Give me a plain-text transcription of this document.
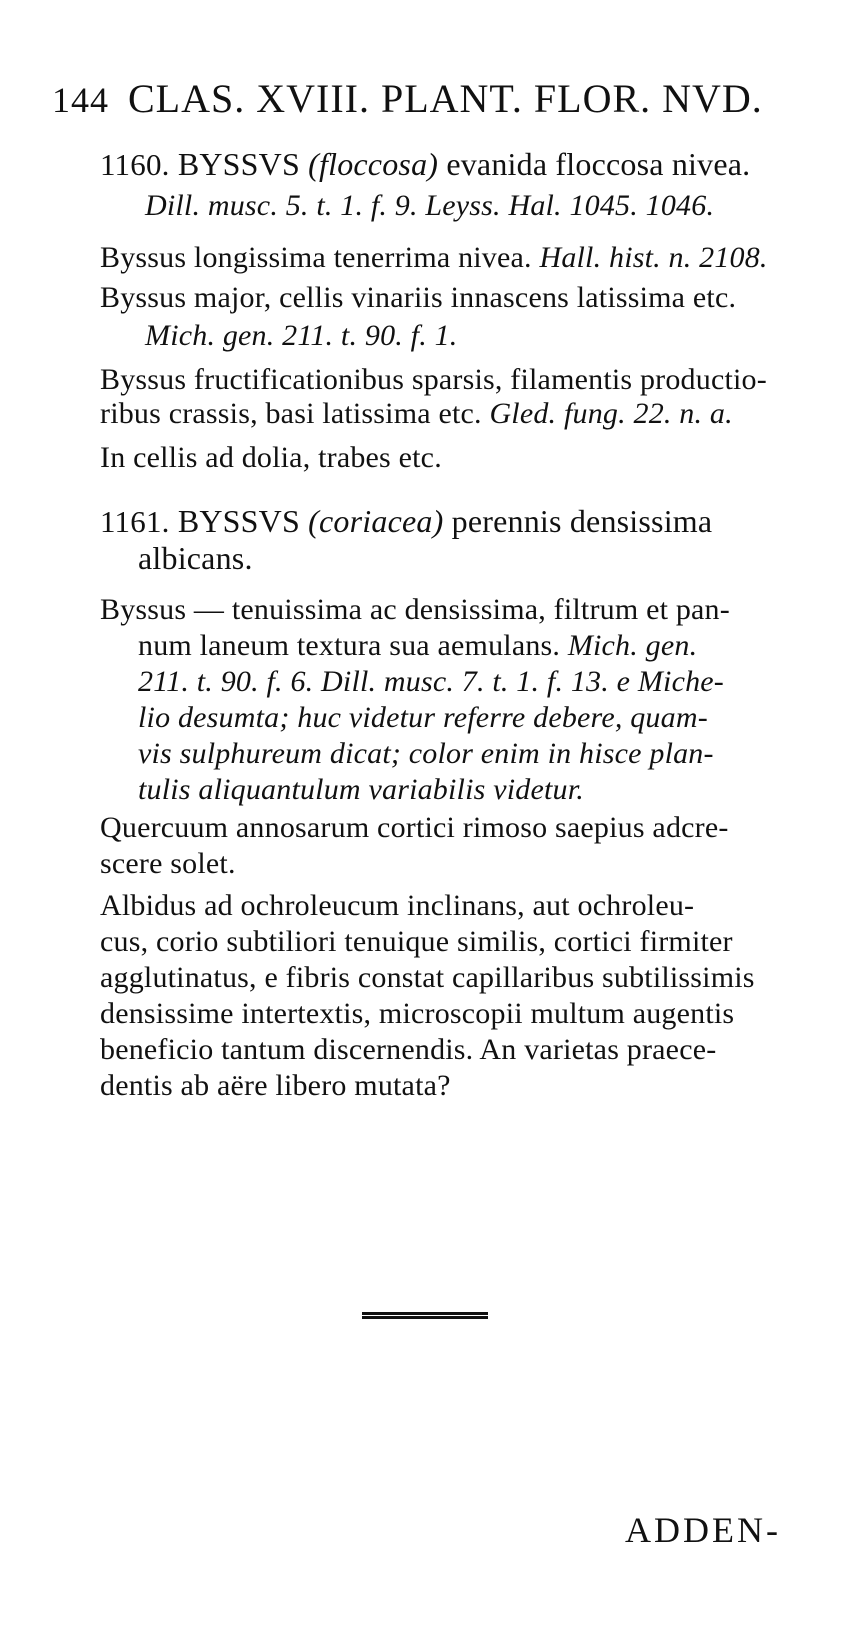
144 CLAS. XVIII. PLANT. FLOR. NVD.
1160. BYSSVS (floccosa) evanida floccosa nivea.
Dill. musc. 5. t. 1. f. 9. Leyss. Hal. 1045. 1046.
Byssus longissima tenerrima nivea. Hall. hist. n. 2108.
Byssus major, cellis vinariis innascens latissima etc.
Mich. gen. 211. t. 90. f. 1.
Byssus fructificationibus sparsis, filamentis productio-
ribus crassis, basi latissima etc. Gled. fung. 22. n. a.
In cellis ad dolia, trabes etc.
1161. BYSSVS (coriacea) perennis densissima
albicans.
Byssus — tenuissima ac densissima, filtrum et pan-
num laneum textura sua aemulans. Mich. gen.
211. t. 90. f. 6. Dill. musc. 7. t. 1. f. 13. e Miche-
lio desumta; huc videtur referre debere, quam-
vis sulphureum dicat; color enim in hisce plan-
tulis aliquantulum variabilis videtur.
Quercuum annosarum cortici rimoso saepius adcre-
scere solet.
Albidus ad ochroleucum inclinans, aut ochroleu-
cus, corio subtiliori tenuique similis, cortici firmiter
agglutinatus, e fibris constat capillaribus subtilissimis
densissime intertextis, microscopii multum augentis
beneficio tantum discernendis. An varietas praece-
dentis ab aëre libero mutata?
ADDEN-
